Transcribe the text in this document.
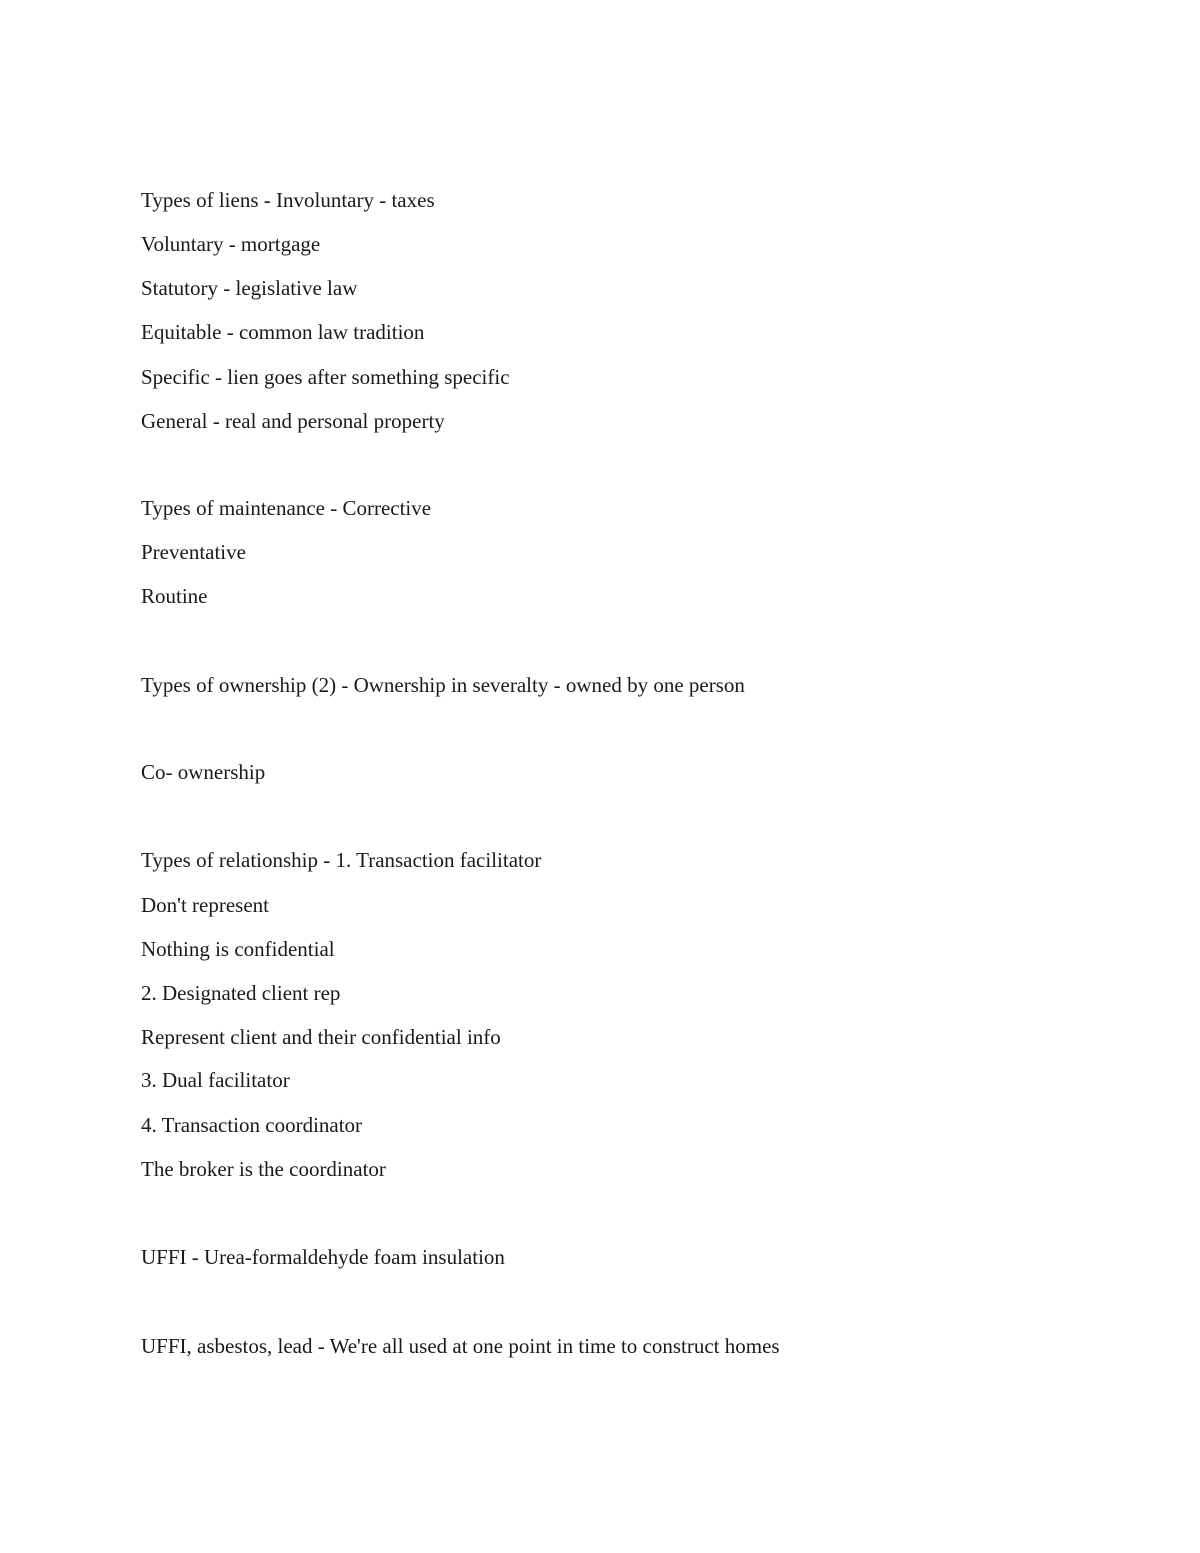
Types of liens - Involuntary - taxes
Voluntary - mortgage
Statutory - legislative law
Equitable - common law tradition
Specific - lien goes after something specific
General - real and personal property
Types of maintenance - Corrective
Preventative
Routine
Types of ownership (2) - Ownership in severalty - owned by one person
Co- ownership
Types of relationship - 1. Transaction facilitator
Don't represent
Nothing is confidential
2. Designated client rep
Represent client and their confidential info
3. Dual facilitator
4. Transaction coordinator
The broker is the coordinator
UFFI - Urea-formaldehyde foam insulation
UFFI, asbestos, lead - We're all used at one point in time to construct homes
